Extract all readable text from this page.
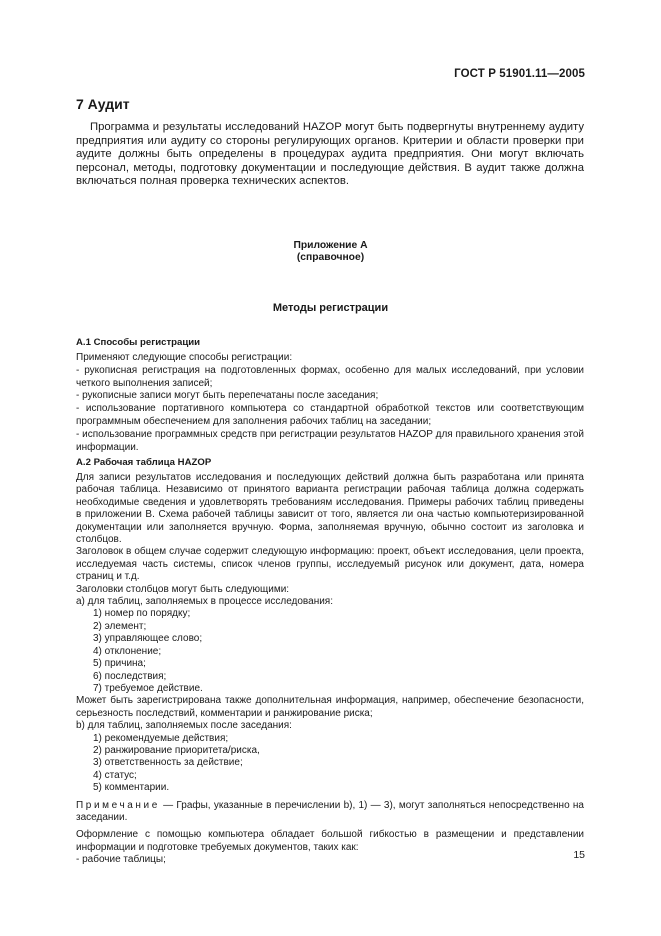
ГОСТ Р 51901.11—2005
7 Аудит

Программа и результаты исследований HAZOP могут быть подвергнуты внутреннему аудиту предприятия или аудиту со стороны регулирующих органов. Критерии и области проверки при аудите должны быть определены в процедурах аудита предприятия. Они могут включать персонал, методы, подготовку документации и последующие действия. В аудит также должна включаться полная проверка технических аспектов.

Приложение А
(справочное)
Методы регистрации
А.1 Способы регистрации

Применяют следующие способы регистрации:

- рукописная регистрация на подготовленных формах, особенно для малых исследований, при условии четкого выполнения записей;

- рукописные записи могут быть перепечатаны после заседания;

- использование портативного компьютера со стандартной обработкой текстов или соответствующим программным обеспечением для заполнения рабочих таблиц на заседании;

- использование программных средств при регистрации результатов HAZOP для правильного хранения этой информации.

А.2 Рабочая таблица HAZOP

Для записи результатов исследования и последующих действий должна быть разработана или принята рабочая таблица. Независимо от принятого варианта регистрации рабочая таблица должна содержать необходимые сведения и удовлетворять требованиям исследования. Примеры рабочих таблиц приведены в приложении В. Схема рабочей таблицы зависит от того, является ли она частью компьютеризированной документации или заполняется вручную. Форма, заполняемая вручную, обычно состоит из заголовка и столбцов.

Заголовок в общем случае содержит следующую информацию: проект, объект исследования, цели проекта, исследуемая часть системы, список членов группы, исследуемый рисунок или документ, дата, номера страниц и т.д.

Заголовки столбцов могут быть следующими:

а) для таблиц, заполняемых в процессе исследования:

1) номер по порядку;
2) элемент;
3) управляющее слово;
4) отклонение;
5) причина;
6) последствия;
7) требуемое действие.

Может быть зарегистрирована также дополнительная информация, например, обеспечение безопасности, серьезность последствий, комментарии и ранжирование риска;

b) для таблиц, заполняемых после заседания:

1) рекомендуемые действия;
2) ранжирование приоритета/риска,
3) ответственность за действие;
4) статус;
5) комментарии.

Примечание — Графы, указанные в перечислении b), 1) — 3), могут заполняться непосредственно на заседании.

Оформление с помощью компьютера обладает большой гибкостью в размещении и представлении информации и подготовке требуемых документов, таких как:

- рабочие таблицы;	15
